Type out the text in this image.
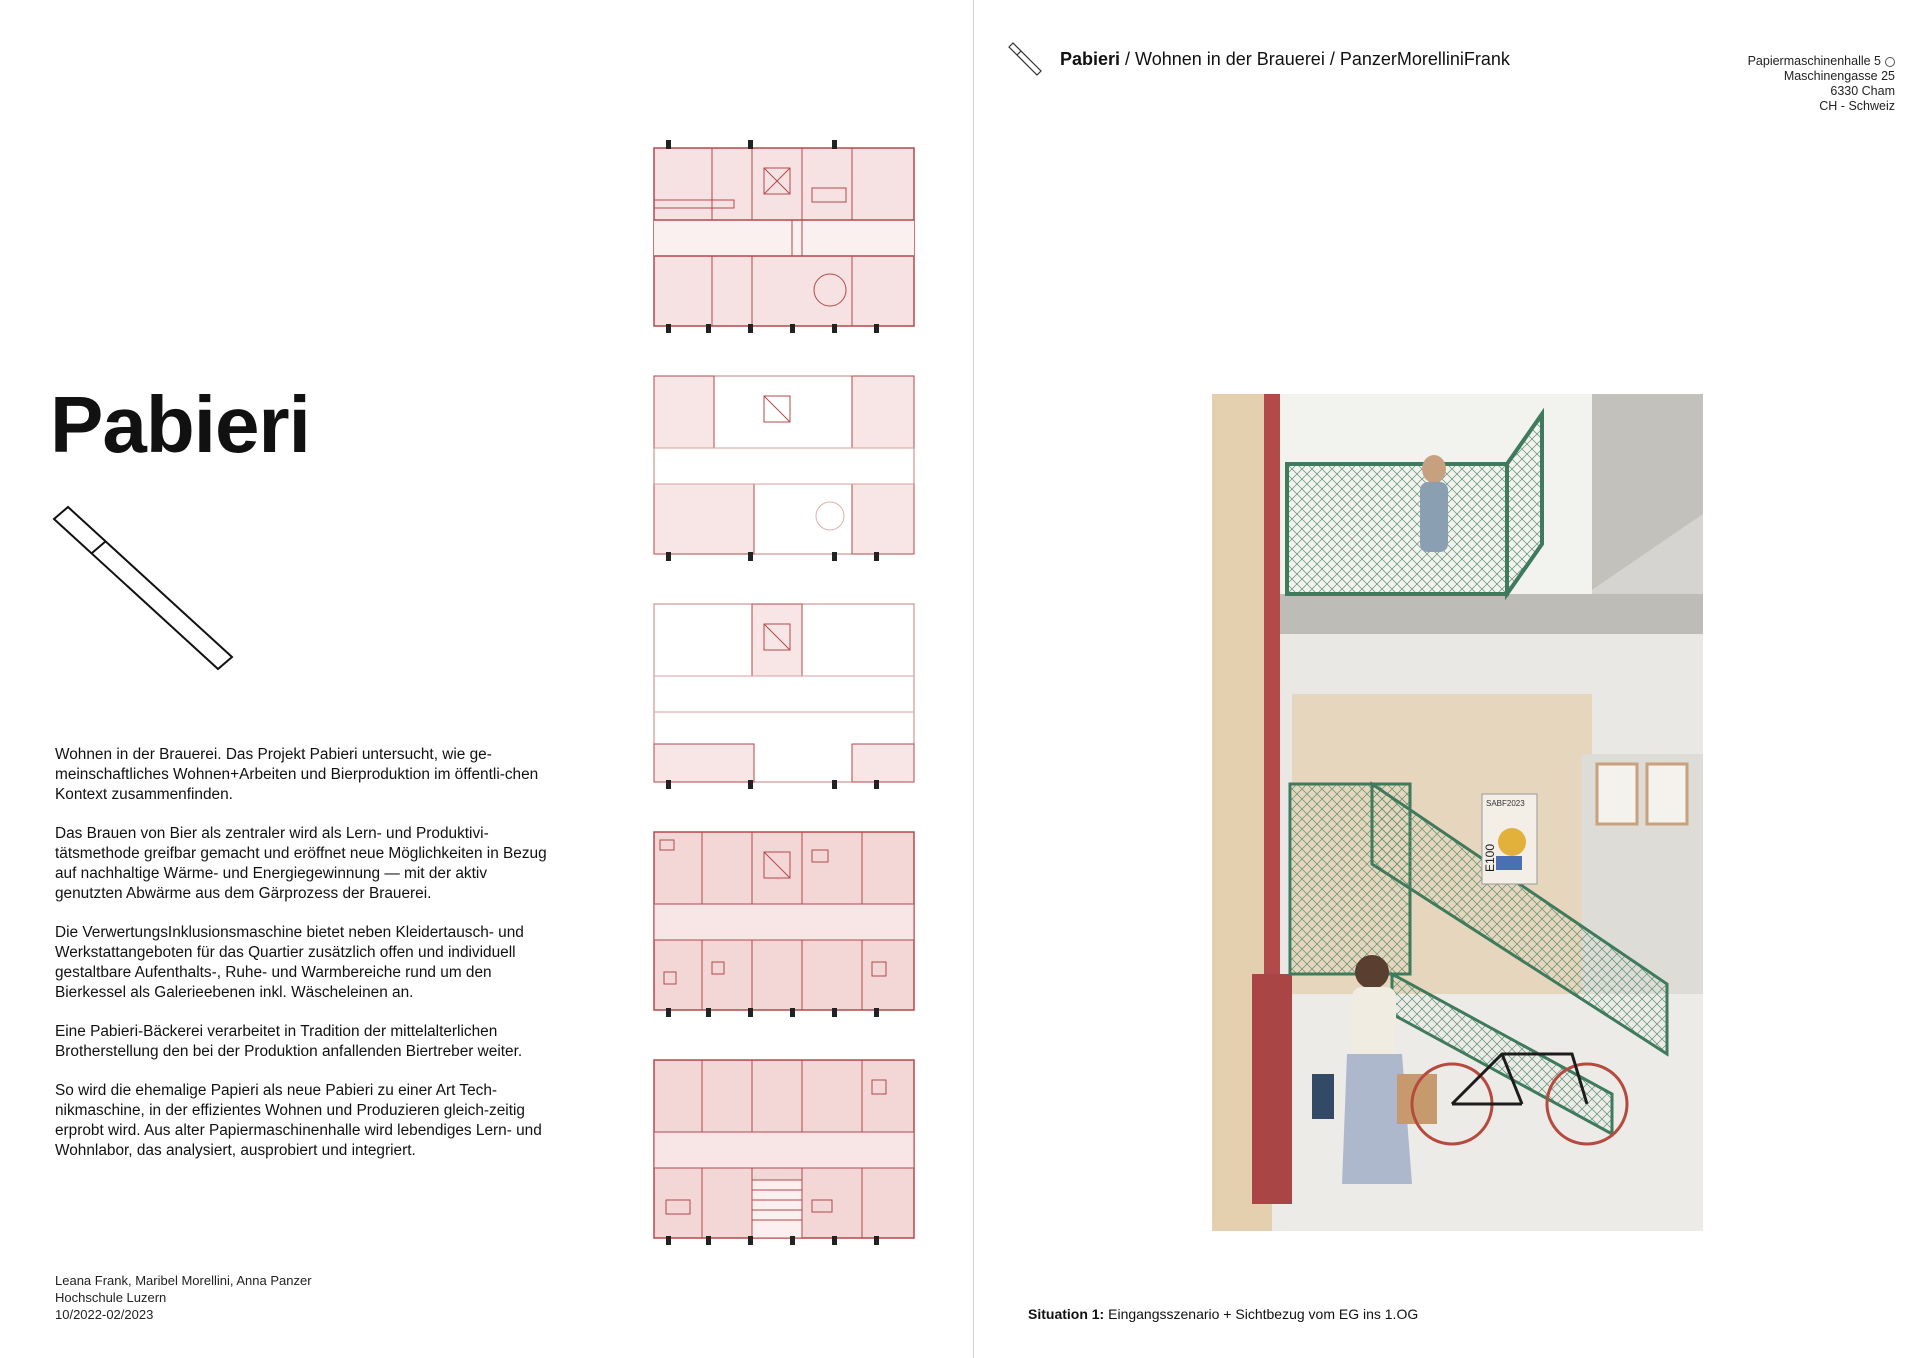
Pabieri

Wohnen in der Brauerei. Das Projekt Pabieri untersucht, wie ge-meinschaftliches Wohnen+Arbeiten und Bierproduktion im öffentli-chen Kontext zusammenfinden.

Das Brauen von Bier als zentraler wird als Lern- und Produktivi-tätsmethode greifbar gemacht und eröffnet neue Möglichkeiten in Bezug auf nachhaltige Wärme- und Energiegewinnung — mit der aktiv genutzten Abwärme aus dem Gärprozess der Brauerei.

Die VerwertungsInklusionsmaschine bietet neben Kleidertausch- und Werkstattangeboten für das Quartier zusätzlich offen und individuell gestaltbare Aufenthalts-, Ruhe- und Warmbereiche rund um den Bierkessel als Galerieebenen inkl. Wäscheleinen an.

Eine Pabieri-Bäckerei verarbeitet in Tradition der mittelalterlichen Brotherstellung den bei der Produktion anfallenden Biertreber weiter.

So wird die ehemalige Papieri als neue Pabieri zu einer Art Tech-nikmaschine, in der effizientes Wohnen und Produzieren gleich-zeitig erprobt wird. Aus alter Papiermaschinenhalle wird lebendiges Lern- und Wohnlabor, das analysiert, ausprobiert und integriert.

Leana Frank, Maribel Morellini, Anna Panzer
Hochschule Luzern
10/2022-02/2023
Pabieri / Wohnen in der Brauerei / PanzerMorelliniFrank	Papiermaschinenhalle 5
Maschinengasse 25
6330 Cham
CH - Schweiz
SABF2023
E100
Situation 1: Eingangsszenario + Sichtbezug vom EG ins 1.OG
